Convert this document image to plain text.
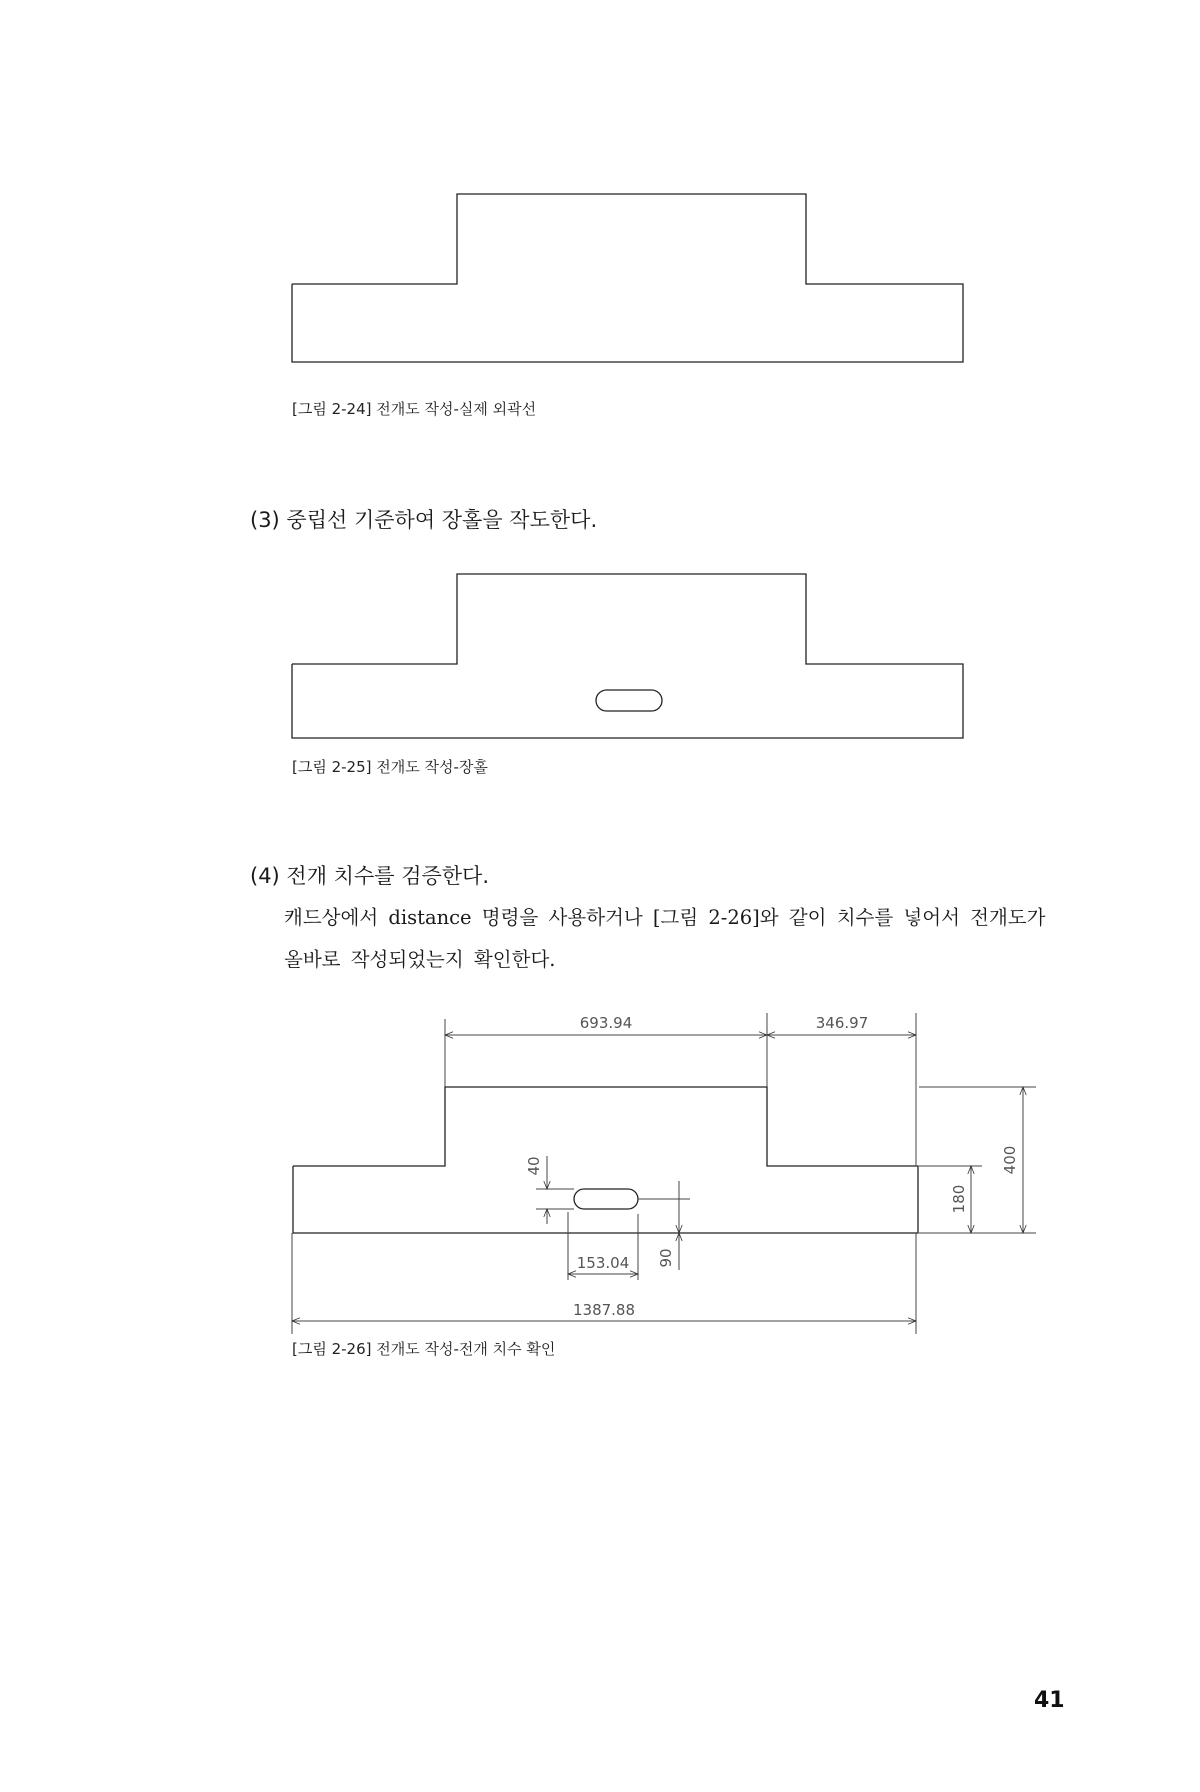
[그림 2-24] 전개도 작성-실제 외곽선
(3) 중립선 기준하여 장홀을 작도한다.
[그림 2-25] 전개도 작성-장홀
(4) 전개 치수를 검증한다.
캐드상에서 distance 명령을 사용하거나 [그림 2-26]와 같이 치수를 넣어서 전개도가
올바로 작성되었는지 확인한다.
693.94	346.97
400
180
40
90
153.04
1387.88
[그림 2-26] 전개도 작성-전개 치수 확인
41
